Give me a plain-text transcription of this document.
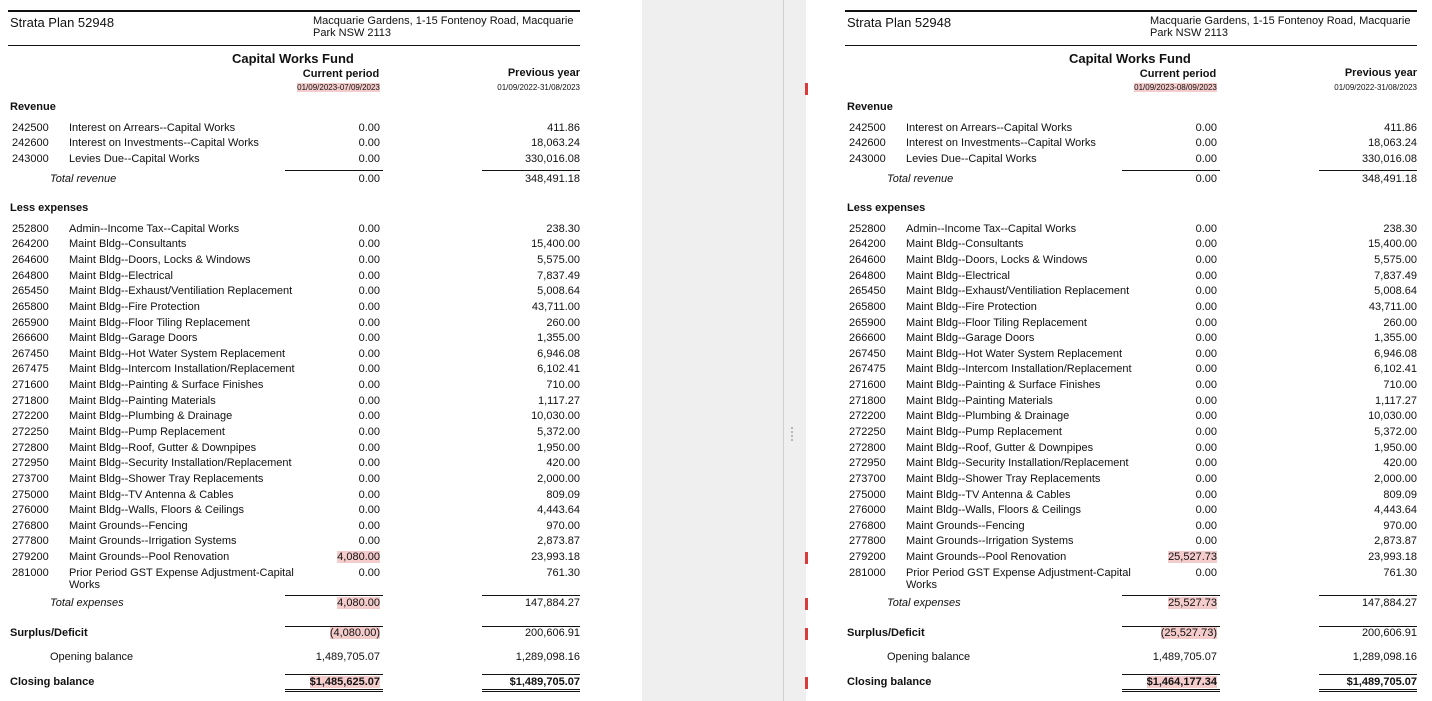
Strata Plan 52948	Macquarie Gardens, 1-15 Fontenoy Road, Macquarie Park NSW 2113
Capital Works Fund
Current period	Previous year
01/09/2023-07/09/2023	01/09/2022-31/08/2023
Revenue
242500 Interest on Arrears--Capital Works	0.00	411.86
242600 Interest on Investments--Capital Works	0.00	18,063.24
243000 Levies Due--Capital Works	0.00	330,016.08
Total revenue	0.00	348,491.18
Less expenses
252800 Admin--Income Tax--Capital Works	0.00	238.30
264200 Maint Bldg--Consultants	0.00	15,400.00
264600 Maint Bldg--Doors, Locks & Windows	0.00	5,575.00
264800 Maint Bldg--Electrical	0.00	7,837.49
265450 Maint Bldg--Exhaust/Ventiliation Replacement	0.00	5,008.64
265800 Maint Bldg--Fire Protection	0.00	43,711.00
265900 Maint Bldg--Floor Tiling Replacement	0.00	260.00
266600 Maint Bldg--Garage Doors	0.00	1,355.00
267450 Maint Bldg--Hot Water System Replacement	0.00	6,946.08
267475 Maint Bldg--Intercom Installation/Replacement	0.00	6,102.41
271600 Maint Bldg--Painting & Surface Finishes	0.00	710.00
271800 Maint Bldg--Painting Materials	0.00	1,117.27
272200 Maint Bldg--Plumbing & Drainage	0.00	10,030.00
272250 Maint Bldg--Pump Replacement	0.00	5,372.00
272800 Maint Bldg--Roof, Gutter & Downpipes	0.00	1,950.00
272950 Maint Bldg--Security Installation/Replacement	0.00	420.00
273700 Maint Bldg--Shower Tray Replacements	0.00	2,000.00
275000 Maint Bldg--TV Antenna & Cables	0.00	809.09
276000 Maint Bldg--Walls, Floors & Ceilings	0.00	4,443.64
276800 Maint Grounds--Fencing	0.00	970.00
277800 Maint Grounds--Irrigation Systems	0.00	2,873.87
279200 Maint Grounds--Pool Renovation	4,080.00	23,993.18
281000 Prior Period GST Expense Adjustment-Capital Works
0.00	761.30
Total expenses	4,080.00	147,884.27
Surplus/Deficit	(4,080.00)	200,606.91
Opening balance	1,489,705.07	1,289,098.16
Closing balance	$1,485,625.07	$1,489,705.07
Strata Plan 52948	Macquarie Gardens, 1-15 Fontenoy Road, Macquarie Park NSW 2113
Capital Works Fund
Current period	Previous year
01/09/2023-08/09/2023	01/09/2022-31/08/2023
Revenue
242500 Interest on Arrears--Capital Works	0.00	411.86
242600 Interest on Investments--Capital Works	0.00	18,063.24
243000 Levies Due--Capital Works	0.00	330,016.08
Total revenue	0.00	348,491.18
Less expenses
252800 Admin--Income Tax--Capital Works	0.00	238.30
264200 Maint Bldg--Consultants	0.00	15,400.00
264600 Maint Bldg--Doors, Locks & Windows	0.00	5,575.00
264800 Maint Bldg--Electrical	0.00	7,837.49
265450 Maint Bldg--Exhaust/Ventiliation Replacement	0.00	5,008.64
265800 Maint Bldg--Fire Protection	0.00	43,711.00
265900 Maint Bldg--Floor Tiling Replacement	0.00	260.00
266600 Maint Bldg--Garage Doors	0.00	1,355.00
267450 Maint Bldg--Hot Water System Replacement	0.00	6,946.08
267475 Maint Bldg--Intercom Installation/Replacement	0.00	6,102.41
271600 Maint Bldg--Painting & Surface Finishes	0.00	710.00
271800 Maint Bldg--Painting Materials	0.00	1,117.27
272200 Maint Bldg--Plumbing & Drainage	0.00	10,030.00
272250 Maint Bldg--Pump Replacement	0.00	5,372.00
272800 Maint Bldg--Roof, Gutter & Downpipes	0.00	1,950.00
272950 Maint Bldg--Security Installation/Replacement	0.00	420.00
273700 Maint Bldg--Shower Tray Replacements	0.00	2,000.00
275000 Maint Bldg--TV Antenna & Cables	0.00	809.09
276000 Maint Bldg--Walls, Floors & Ceilings	0.00	4,443.64
276800 Maint Grounds--Fencing	0.00	970.00
277800 Maint Grounds--Irrigation Systems	0.00	2,873.87
279200 Maint Grounds--Pool Renovation	25,527.73	23,993.18
281000 Prior Period GST Expense Adjustment-Capital Works
0.00	761.30
Total expenses	25,527.73	147,884.27
Surplus/Deficit	(25,527.73)	200,606.91
Opening balance	1,489,705.07	1,289,098.16
Closing balance	$1,464,177.34	$1,489,705.07
